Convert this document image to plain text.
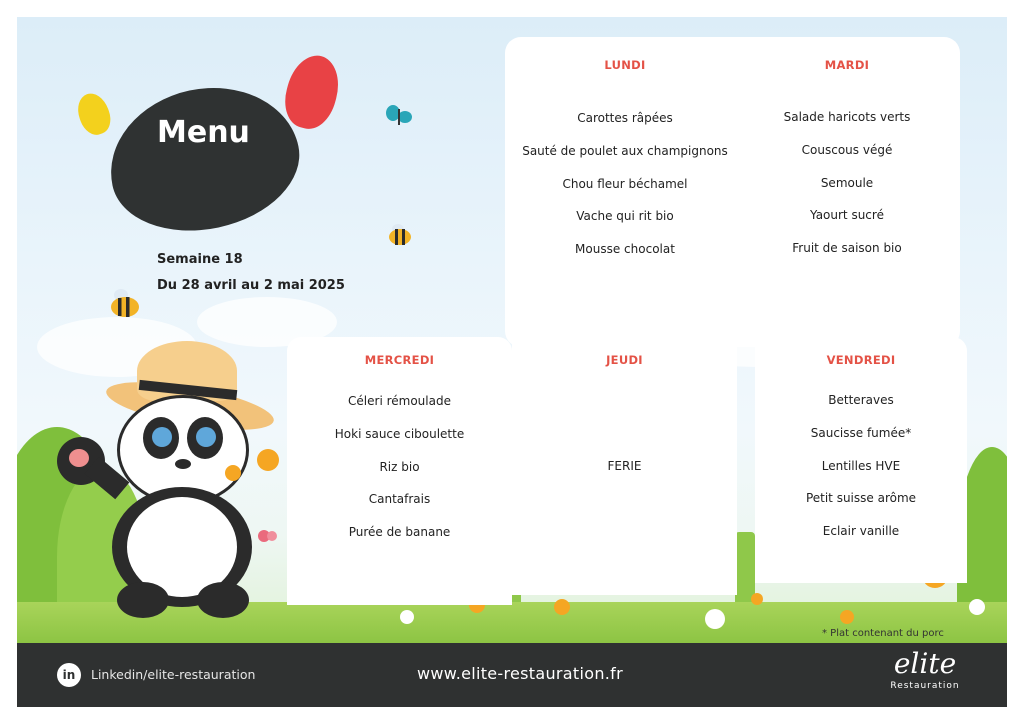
Menu
Semaine 18
Du 28 avril au 2 mai 2025
LUNDI
Carottes râpées
Sauté de poulet aux champignons
Chou fleur béchamel
Vache qui rit bio
Mousse chocolat
MARDI
Salade haricots verts
Couscous végé
Semoule
Yaourt sucré
Fruit de saison bio
MERCREDI
Céleri rémoulade
Hoki sauce ciboulette
Riz bio
Cantafrais
Purée de banane
JEUDI
FERIE
VENDREDI
Betteraves
Saucisse fumée*
Lentilles HVE
Petit suisse arôme
Eclair vanille
* Plat contenant du porc
in	Linkedin/elite-restauration	www.elite-restauration.fr	elite
Restauration
